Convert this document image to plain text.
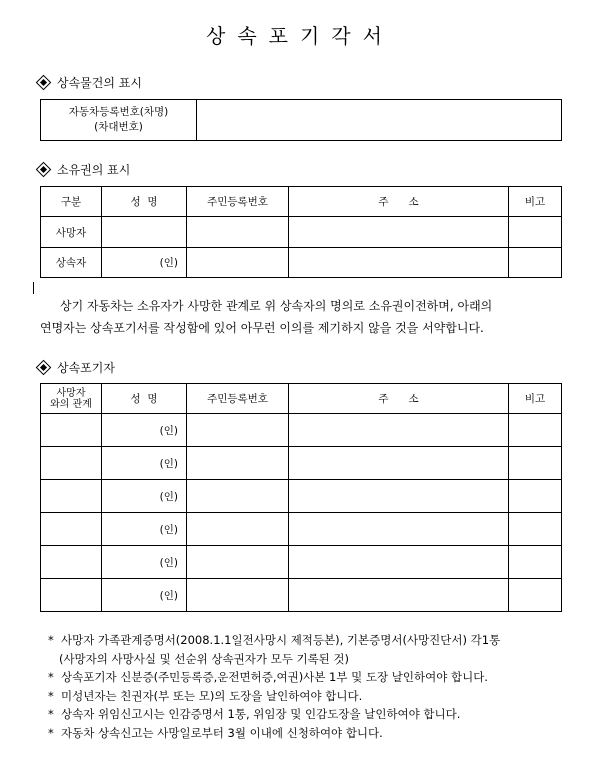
상속포기각서
상속물건의 표시
자동차등록번호(차명)
(차대번호)

소유권의 표시
구분	성  명	주민등록번호	주      소	비고
사망자				
상속자	(인)			
상기 자동차는 소유자가 사망한 관계로 위 상속자의 명의로 소유권이전하며, 아래의
연명자는 상속포기서를 작성함에 있어 아무런 이의를 제기하지 않을 것을 서약합니다.
상속포기자
사망자
와의 관계	성  명	주민등록번호	주      소	비고
	(인)			
	(인)			
	(인)			
	(인)			
	(인)			
	(인)			
*  사망자 가족관계증명서(2008.1.1일전사망시 제적등본), 기본증명서(사망진단서) 각1통
(사망자의 사망사실 및 선순위 상속권자가 모두 기록된 것)
*  상속포기자 신분증(주민등록증,운전면허증,여권)사본 1부 및 도장 날인하여야 합니다.
*  미성년자는 친권자(부 또는 모)의 도장을 날인하여야 합니다.
*  상속자 위임신고시는 인감증명서 1통, 위임장 및 인감도장을 날인하여야 합니다.
*  자동차 상속신고는 사망일로부터 3월 이내에 신청하여야 합니다.
